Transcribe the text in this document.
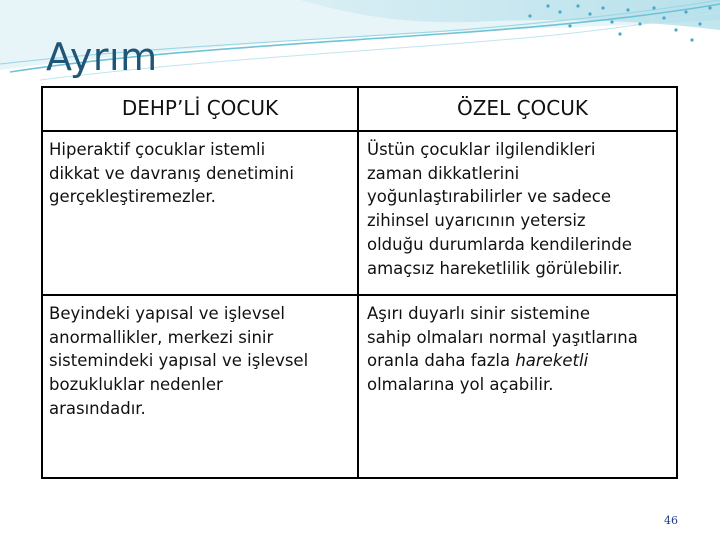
Ayrım
DEHP’Lİ ÇOCUK	ÖZEL ÇOCUK
Hiperaktif çocuklar istemli
dikkat ve davranış denetimini
gerçekleştiremezler.
Üstün çocuklar ilgilendikleri
zaman dikkatlerini
yoğunlaştırabilirler ve sadece
zihinsel uyarıcının yetersiz
olduğu durumlarda kendilerinde
amaçsız hareketlilik görülebilir.
Beyindeki yapısal ve işlevsel
anormallikler, merkezi sinir
sistemindeki yapısal ve işlevsel
bozukluklar nedenler
arasındadır.
Aşırı duyarlı sinir sistemine
sahip olmaları normal yaşıtlarına
oranla daha fazla hareketli
olmalarına yol açabilir.
46
